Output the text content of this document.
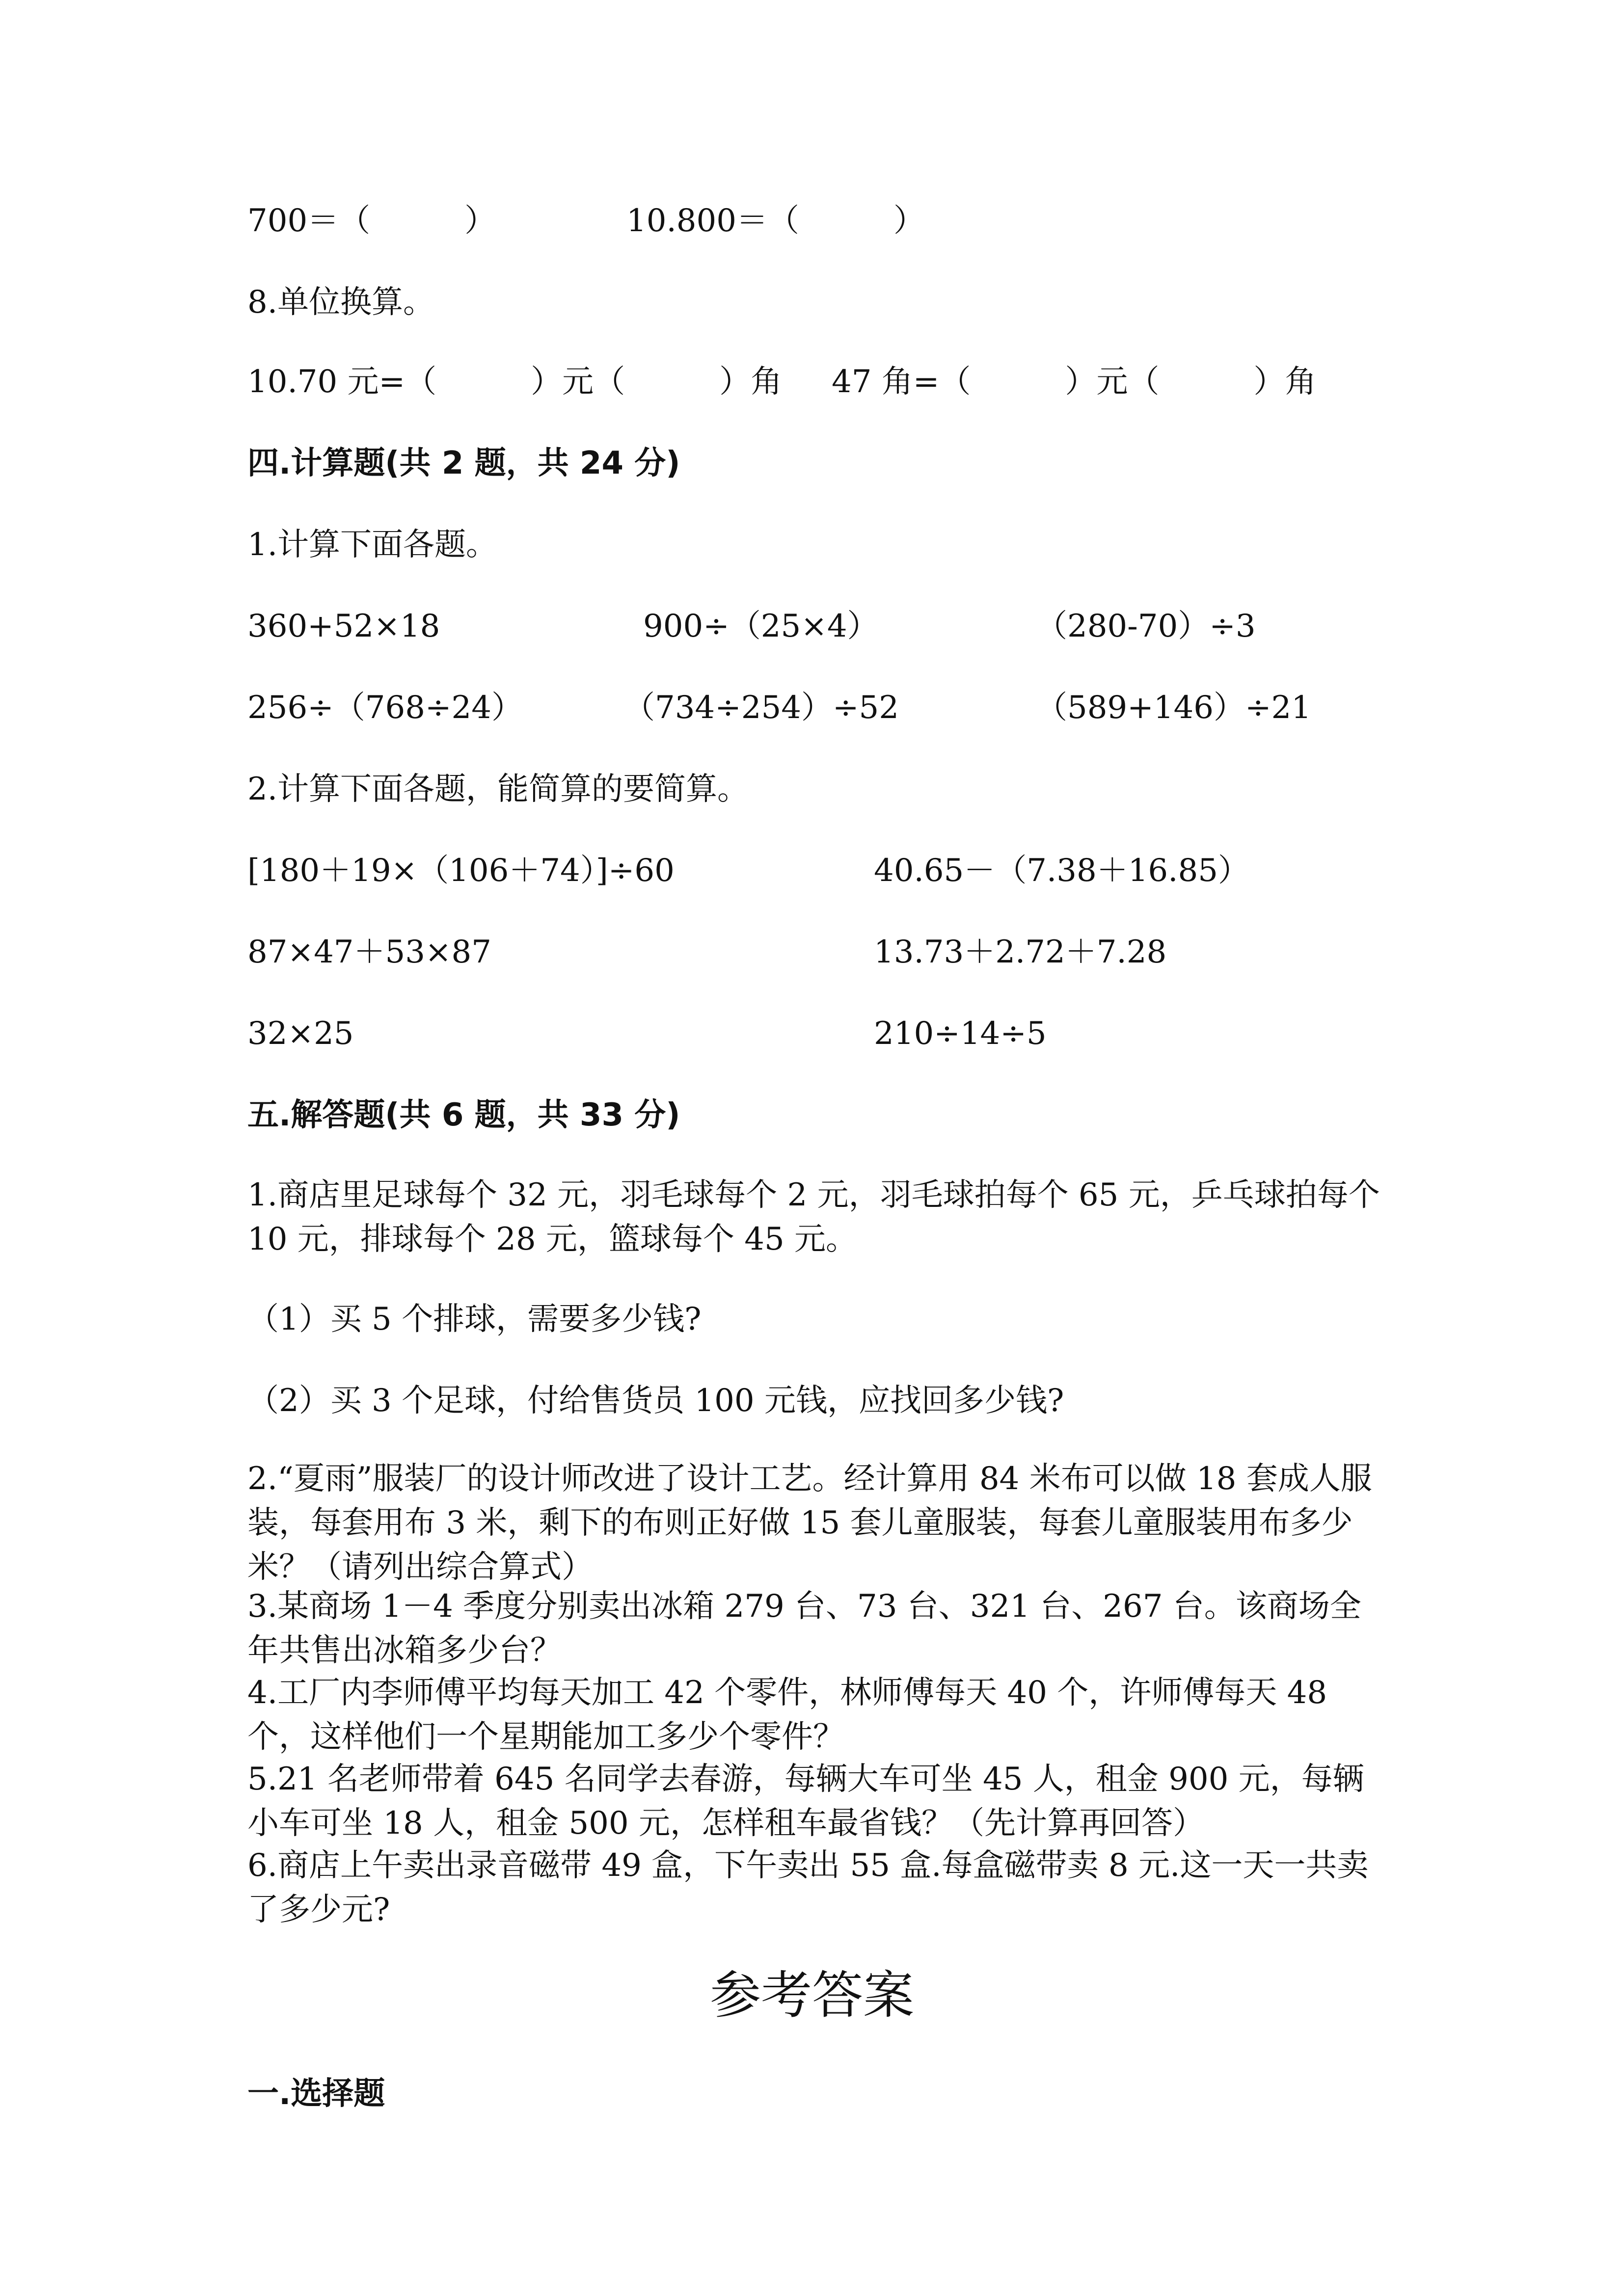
700＝（　　　）	10.800＝（　　　）
8.单位换算。
10.70 元=（　　　）元（　　　）角 47 角=（　　　）元（　　　）角
四.计算题(共 2 题，共 24 分)
1.计算下面各题。
360+52×18	900÷（25×4）	（280-70）÷3
256÷（768÷24）	（734÷254）÷52	（589+146）÷21
2.计算下面各题，能简算的要简算。
[180＋19×（106＋74）]÷60	40.65－（7.38＋16.85）
87×47＋53×87	13.73＋2.72＋7.28
32×25	210÷14÷5
五.解答题(共 6 题，共 33 分)

1.商店里足球每个 32 元，羽毛球每个 2 元，羽毛球拍每个 65 元，乒乓球拍每个 10 元，排球每个 28 元，篮球每个 45 元。

（1）买 5 个排球，需要多少钱?
（2）买 3 个足球，付给售货员 100 元钱，应找回多少钱?

2.“夏雨”服装厂的设计师改进了设计工艺。经计算用 84 米布可以做 18 套成人服装，每套用布 3 米，剩下的布则正好做 15 套儿童服装，每套儿童服装用布多少米？（请列出综合算式）

3.某商场 1－4 季度分别卖出冰箱 279 台、73 台、321 台、267 台。该商场全年共售出冰箱多少台？

4.工厂内李师傅平均每天加工 42 个零件，林师傅每天 40 个，许师傅每天 48 个，这样他们一个星期能加工多少个零件？

5.21 名老师带着 645 名同学去春游，每辆大车可坐 45 人，租金 900 元，每辆小车可坐 18 人，租金 500 元，怎样租车最省钱？（先计算再回答）

6.商店上午卖出录音磁带 49 盒，下午卖出 55 盒.每盒磁带卖 8 元.这一天一共卖了多少元?

参考答案
一.选择题
